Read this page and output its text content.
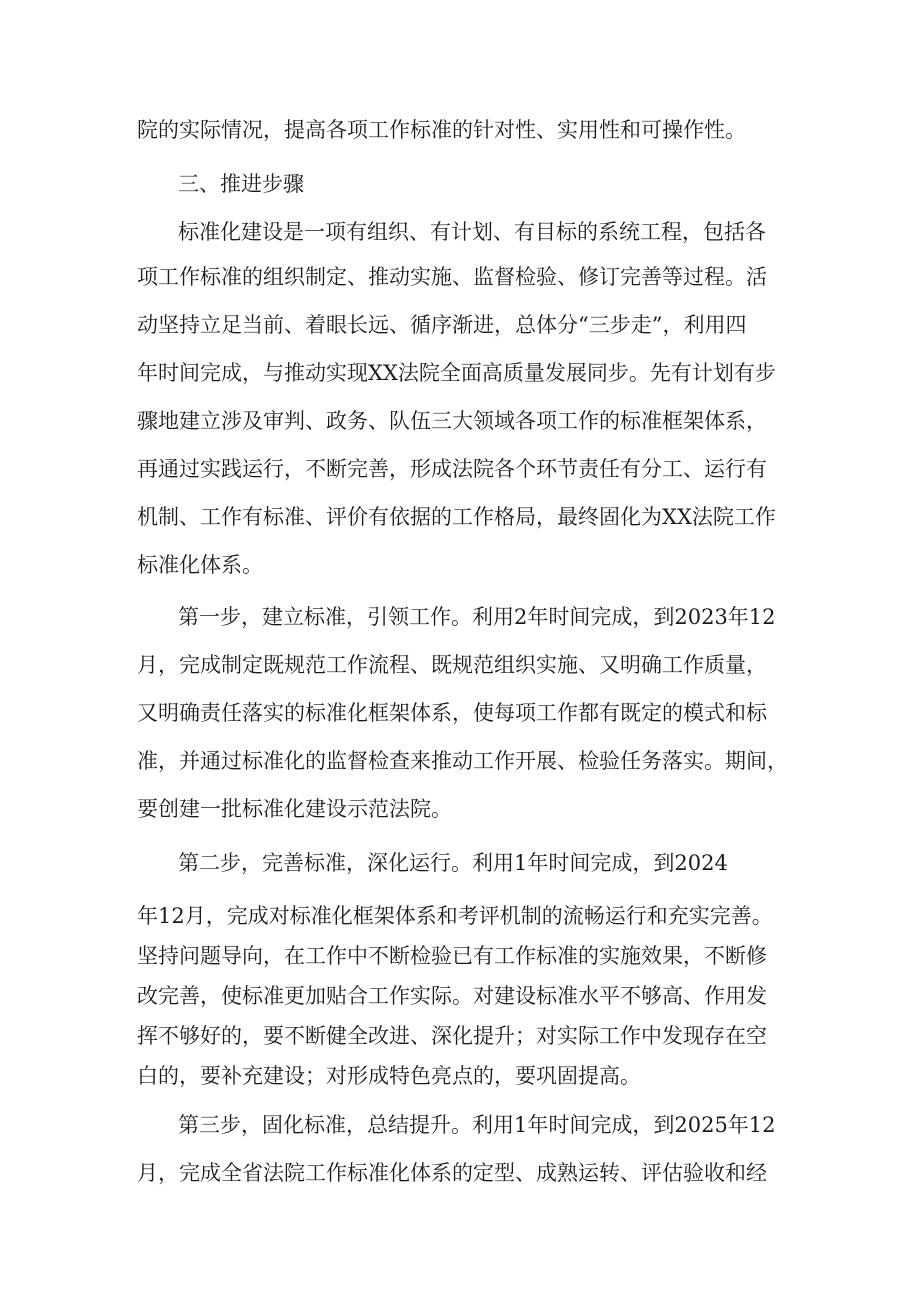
院的实际情况，提高各项工作标准的针对性、实用性和可操作性。
三、推进步骤
标准化建设是一项有组织、有计划、有目标的系统工程，包括各
项工作标准的组织制定、推动实施、监督检验、修订完善等过程。活
动坚持立足当前、着眼长远、循序渐进，总体分“三步走”，利用四
年时间完成，与推动实现XX法院全面高质量发展同步。先有计划有步
骤地建立涉及审判、政务、队伍三大领域各项工作的标准框架体系，
再通过实践运行，不断完善，形成法院各个环节责任有分工、运行有
机制、工作有标准、评价有依据的工作格局，最终固化为XX法院工作
标准化体系。
第一步，建立标准，引领工作。利用2年时间完成，到2023年12
月，完成制定既规范工作流程、既规范组织实施、又明确工作质量，
又明确责任落实的标准化框架体系，使每项工作都有既定的模式和标
准，并通过标准化的监督检查来推动工作开展、检验任务落实。期间，
要创建一批标准化建设示范法院。
第二步，完善标准，深化运行。利用1年时间完成，到2024
年12月，完成对标准化框架体系和考评机制的流畅运行和充实完善。
坚持问题导向，在工作中不断检验已有工作标准的实施效果，不断修
改完善，使标准更加贴合工作实际。对建设标准水平不够高、作用发
挥不够好的，要不断健全改进、深化提升；对实际工作中发现存在空
白的，要补充建设；对形成特色亮点的，要巩固提高。
第三步，固化标准，总结提升。利用1年时间完成，到2025年12
月，完成全省法院工作标准化体系的定型、成熟运转、评估验收和经
